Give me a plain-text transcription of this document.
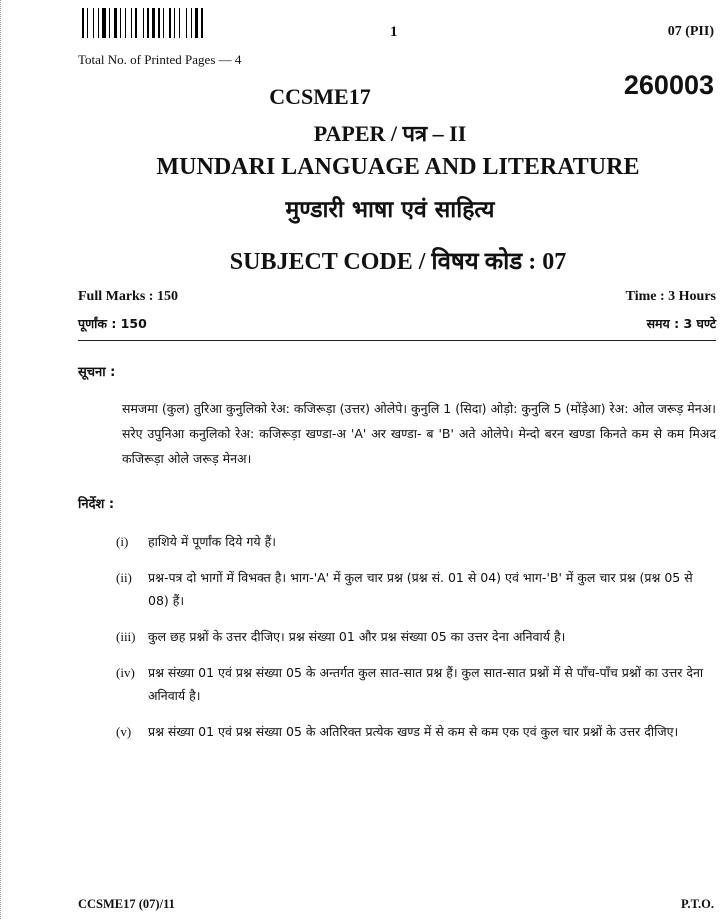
1	07 (PII)
Total No. of Printed Pages — 4
260003
CCSME17
PAPER / पत्र – II
MUNDARI LANGUAGE AND LITERATURE
मुण्डारी भाषा एवं साहित्य
SUBJECT CODE / विषय कोड : 07
Full Marks : 150	Time : 3 Hours
पूर्णांक : 150	समय : 3 घण्टे
सूचना :
समजमा (कुल) तुरिआ कुनुलिको रेअ: कजिरूड़ा (उत्तर) ओलेपे। कुनुलि 1 (सिदा) ओड़ो: कुनुलि 5 (मोंड़ेआ) रेअ: ओल जरूड़ मेनअ। सरेए उपुनिआ कनुलिको रेअ: कजिरूड़ा खण्डा-अ 'A' अर खण्डा- ब 'B' अते ओलेपे। मेन्दो बरन खण्डा किनते कम से कम मिअद कजिरूड़ा ओले जरूड़ मेनअ।
निर्देश :
(i)	हाशिये में पूर्णांक दिये गये हैं।
(ii)	प्रश्न-पत्र दो भागों में विभक्त है। भाग-'A' में कुल चार प्रश्न (प्रश्न सं. 01 से 04) एवं भाग-'B' में कुल चार प्रश्न (प्रश्न 05 से 08) हैं।
(iii)	कुल छह प्रश्नों के उत्तर दीजिए। प्रश्न संख्या 01 और प्रश्न संख्या 05 का उत्तर देना अनिवार्य है।
(iv)	प्रश्न संख्या 01 एवं प्रश्न संख्या 05 के अन्तर्गत कुल सात-सात प्रश्न हैं। कुल सात-सात प्रश्नों में से पाँच-पाँच प्रश्नों का उत्तर देना अनिवार्य है।
(v)	प्रश्न संख्या 01 एवं प्रश्न संख्या 05 के अतिरिक्त प्रत्येक खण्ड में से कम से कम एक एवं कुल चार प्रश्नों के उत्तर दीजिए।
CCSME17 (07)/11	P.T.O.
